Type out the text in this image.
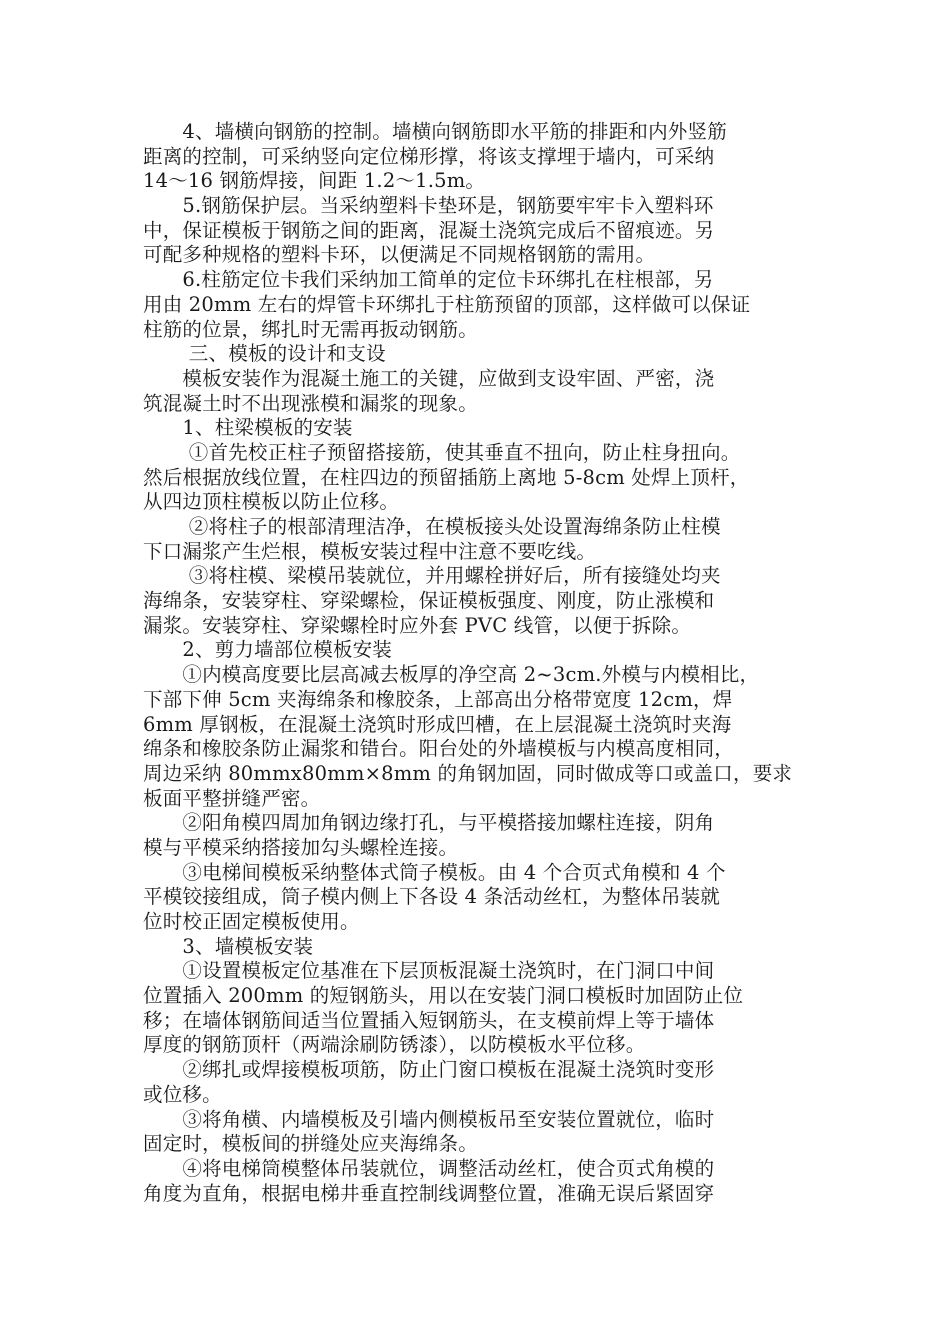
　　4、墙横向钢筋的控制。墙横向钢筋即水平筋的排距和内外竖筋
距离的控制，可采纳竖向定位梯形撑，将该支撑埋于墙内，可采纳
14～16 钢筋焊接，间距 1.2～1.5m。
　　5.钢筋保护层。当采纳塑料卡垫环是，钢筋要牢牢卡入塑料环
中，保证模板于钢筋之间的距离，混凝土浇筑完成后不留痕迹。另
可配多种规格的塑料卡环，以便满足不同规格钢筋的需用。
　　6.柱筋定位卡我们采纳加工简单的定位卡环绑扎在柱根部，另
用由 20mm 左右的焊管卡环绑扎于柱筋预留的顶部，这样做可以保证
柱筋的位景，绑扎时无需再扳动钢筋。
　　 三、模板的设计和支设
　　模板安装作为混凝土施工的关键，应做到支设牢固、严密，浇
筑混凝土时不出现涨模和漏浆的现象。
　　1、柱梁模板的安装
　　 ①首先校正柱子预留搭接筋，使其垂直不扭向，防止柱身扭向。
然后根据放线位置，在柱四边的预留插筋上离地 5-8cm 处焊上顶杆，
从四边顶柱模板以防止位移。
　　 ②将柱子的根部清理洁净，在模板接头处设置海绵条防止柱模
下口漏浆产生烂根，模板安装过程中注意不要吃线。
　　 ③将柱模、梁模吊装就位，并用螺栓拼好后，所有接缝处均夹
海绵条，安装穿柱、穿梁螺检，保证模板强度、刚度，防止涨模和
漏浆。安装穿柱、穿梁螺栓时应外套 PVC 线管，以便于拆除。
　　2、剪力墙部位模板安装
　　①内模高度要比层高减去板厚的净空高 2~3cm.外模与内模相比，
下部下伸 5cm 夹海绵条和橡胶条，上部高出分格带宽度 12cm，焊
6mm 厚钢板，在混凝土浇筑时形成凹槽，在上层混凝土浇筑时夹海
绵条和橡胶条防止漏浆和错台。阳台处的外墙模板与内模高度相同，
周边采纳 80mmx80mm×8mm 的角钢加固，同时做成等口或盖口，要求
板面平整拼缝严密。
　　②阳角模四周加角钢边缘打孔，与平模搭接加螺柱连接，阴角
模与平模采纳搭接加勾头螺栓连接。
　　③电梯间模板采纳整体式筒子模板。由 4 个合页式角模和 4 个
平模铰接组成，筒子模内侧上下各设 4 条活动丝杠，为整体吊装就
位时校正固定模板使用。
　　3、墙模板安装
　　①设置模板定位基准在下层顶板混凝土浇筑时，在门洞口中间
位置插入 200mm 的短钢筋头，用以在安装门洞口模板时加固防止位
移；在墙体钢筋间适当位置插入短钢筋头，在支模前焊上等于墙体
厚度的钢筋顶杆（两端涂刷防锈漆），以防模板水平位移。
　　②绑扎或焊接模板项筋，防止门窗口模板在混凝土浇筑时变形
或位移。
　　③将角横、内墙模板及引墙内侧模板吊至安装位置就位，临时
固定时，模板间的拼缝处应夹海绵条。
　　④将电梯筒模整体吊装就位，调整活动丝杠，使合页式角模的
角度为直角，根据电梯井垂直控制线调整位置，准确无误后紧固穿
